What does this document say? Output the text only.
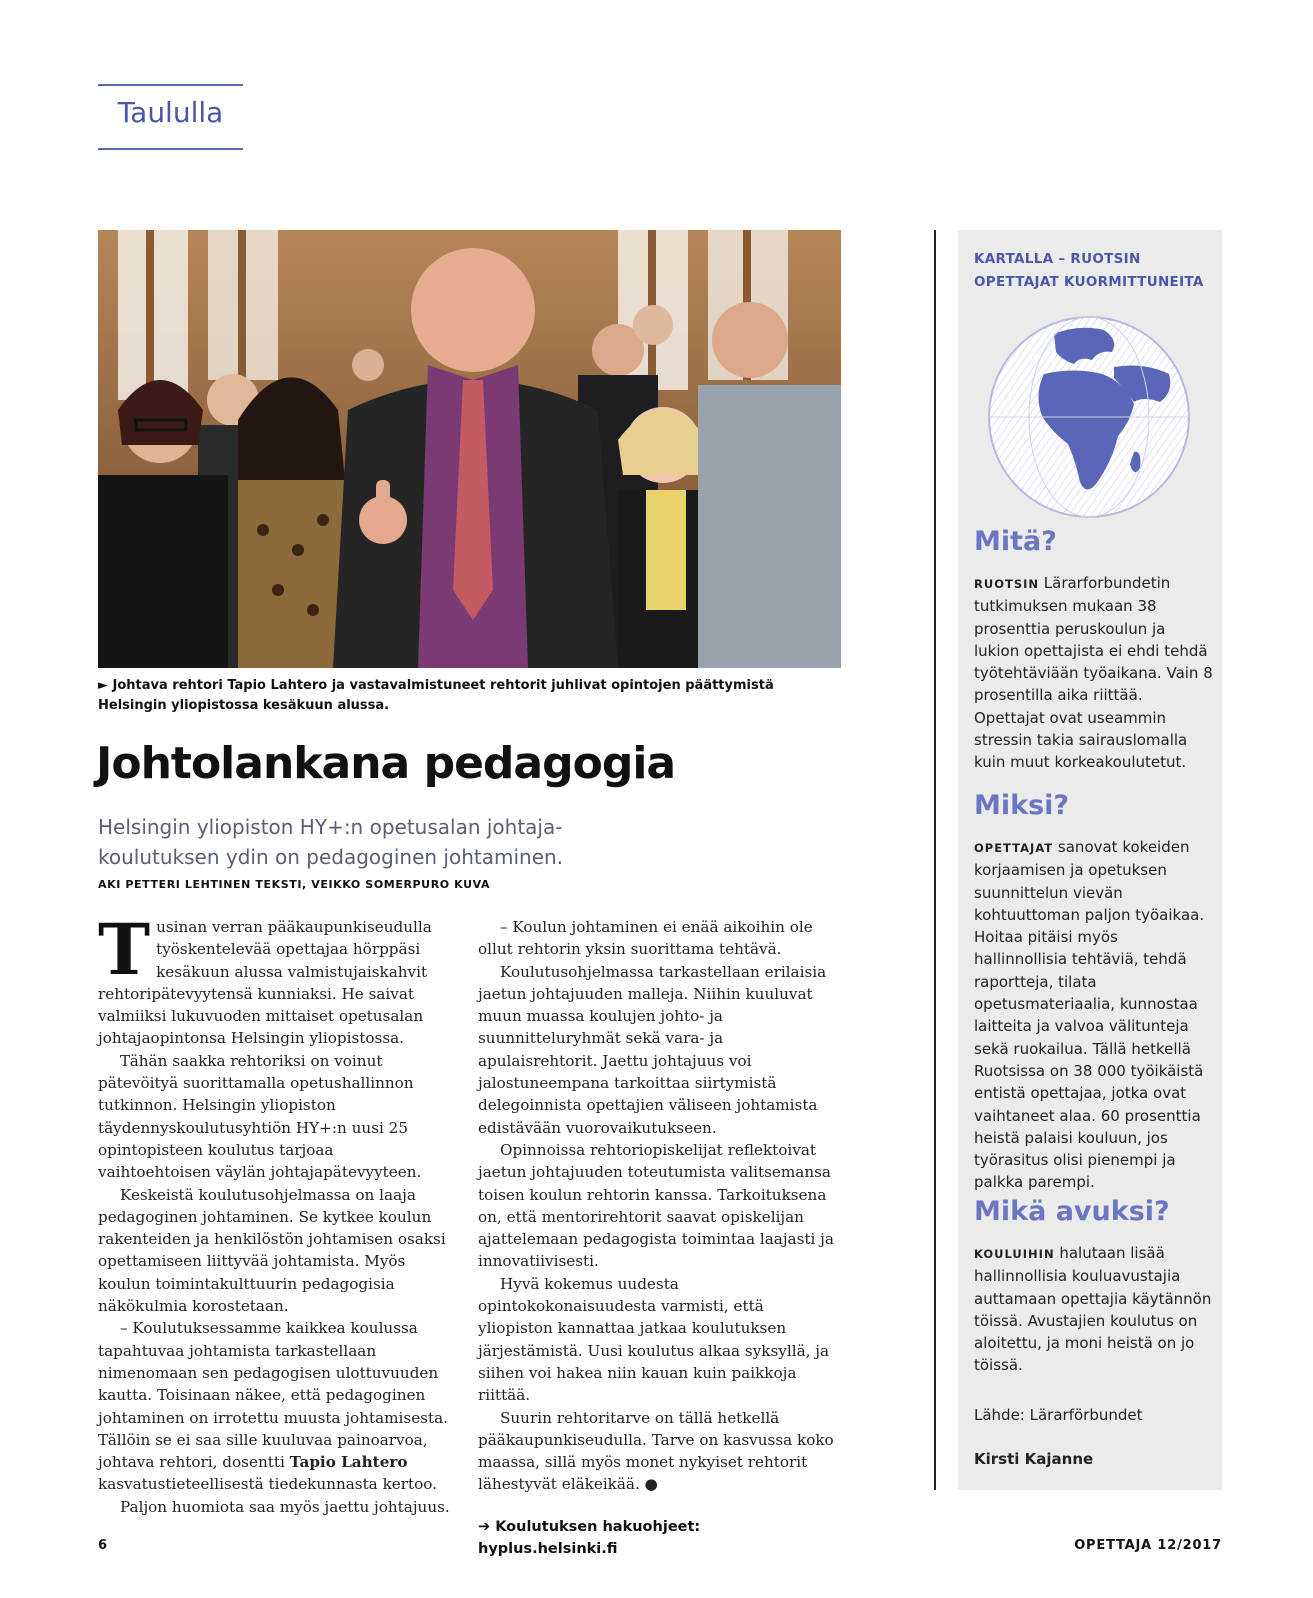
Taululla
► Johtava rehtori Tapio Lahtero ja vastavalmistuneet rehtorit juhlivat opintojen päättymistä Helsingin yliopistossa kesäkuun alussa.
Johtolankana pedagogia
Helsingin yliopiston HY+:n opetusalan johtaja-koulutuksen ydin on pedagoginen johtaminen.
AKI PETTERI LEHTINEN TEKSTI, VEIKKO SOMERPURO KUVA

Tusinan verran pääkaupunkiseudulla työskentelevää opettajaa hörppäsi kesäkuun alussa valmistujaiskahvit rehtoripätevyytensä kunniaksi. He saivat valmiiksi lukuvuoden mittaiset opetusalan johtajaopintonsa Helsingin yliopistossa.

Tähän saakka rehtoriksi on voinut pätevöityä suorittamalla opetushallinnon tutkinnon. Helsingin yliopiston täydennyskoulutusyhtiön HY+:n uusi 25 opintopisteen koulutus tarjoaa vaihtoehtoisen väylän johtajapätevyyteen.

Keskeistä koulutusohjelmassa on laaja pedagoginen johtaminen. Se kytkee koulun rakenteiden ja henkilöstön johtamisen osaksi opettamiseen liittyvää johtamista. Myös koulun toimintakulttuurin pedagogisia näkökulmia korostetaan.

– Koulutuksessamme kaikkea koulussa tapahtuvaa johtamista tarkastellaan nimenomaan sen pedagogisen ulottuvuuden kautta. Toisinaan näkee, että pedagoginen johtaminen on irrotettu muusta johtamisesta. Tällöin se ei saa sille kuuluvaa painoarvoa, johtava rehtori, dosentti Tapio Lahtero kasvatustieteellisestä tiedekunnasta kertoo.

Paljon huomiota saa myös jaettu johtajuus.

– Koulun johtaminen ei enää aikoihin ole ollut rehtorin yksin suorittama tehtävä.

Koulutusohjelmassa tarkastellaan erilaisia jaetun johtajuuden malleja. Niihin kuuluvat muun muassa koulujen johto- ja suunnitteluryhmät sekä vara- ja apulaisrehtorit. Jaettu johtajuus voi jalostuneempana tarkoittaa siirtymistä delegoinnista opettajien väliseen johtamista edistävään vuorovaikutukseen.

Opinnoissa rehtoriopiskelijat reflektoivat jaetun johtajuuden toteutumista valitsemansa toisen koulun rehtorin kanssa. Tarkoituksena on, että mentorirehtorit saavat opiskelijan ajattelemaan pedagogista toimintaa laajasti ja innovatiivisesti.

Hyvä kokemus uudesta opintokokonaisuudesta varmisti, että yliopiston kannattaa jatkaa koulutuksen järjestämistä. Uusi koulutus alkaa syksyllä, ja siihen voi hakea niin kauan kuin paikkoja riittää.

Suurin rehtoritarve on tällä hetkellä pääkaupunkiseudulla. Tarve on kasvussa koko maassa, sillä myös monet nykyiset rehtorit lähestyvät eläkeikää. ●

➔ Koulutuksen hakuohjeet: hyplus.helsinki.fi
KARTALLA – RUOTSIN OPETTAJAT KUORMITTUNEITA
Mitä?

RUOTSIN Lärarforbundetin tutkimuksen mukaan 38 prosenttia peruskoulun ja lukion opettajista ei ehdi tehdä työtehtäviään työaikana. Vain 8 prosentilla aika riittää. Opettajat ovat useammin stressin takia sairauslomalla kuin muut korkeakoulutetut.

Miksi?

OPETTAJAT sanovat kokeiden korjaamisen ja opetuksen suunnittelun vievän kohtuuttoman paljon työaikaa. Hoitaa pitäisi myös hallinnollisia tehtäviä, tehdä raportteja, tilata opetusmateriaalia, kunnostaa laitteita ja valvoa välitunteja sekä ruokailua. Tällä hetkellä Ruotsissa on 38 000 työikäistä entistä opettajaa, jotka ovat vaihtaneet alaa. 60 prosenttia heistä palaisi kouluun, jos työrasitus olisi pienempi ja palkka parempi.

Mikä avuksi?

KOULUIHIN halutaan lisää hallinnollisia kouluavustajia auttamaan opettajia käytännön töissä. Avustajien koulutus on aloitettu, ja moni heistä on jo töissä.

Lähde: Lärarförbundet
Kirsti Kajanne
6	OPETTAJA 12/2017
